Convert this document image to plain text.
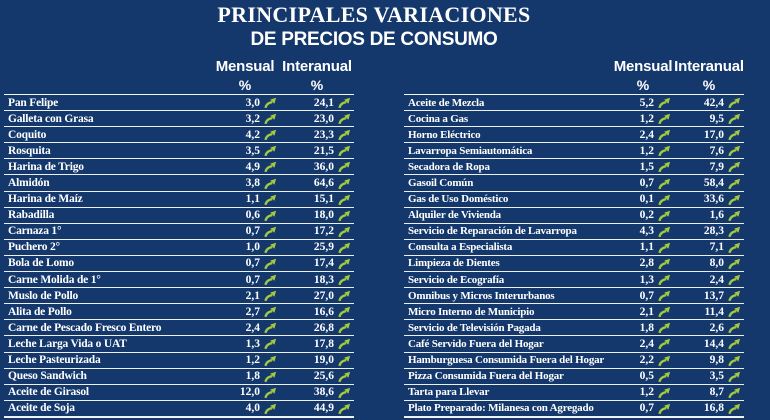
PRINCIPALES VARIACIONES
DE PRECIOS DE CONSUMO
Mensual
%
Interanual
%
Pan Felipe	3,0	24,1
Galleta con Grasa	3,2	23,0
Coquito	4,2	23,3
Rosquita	3,5	21,5
Harina de Trigo	4,9	36,0
Almidón	3,8	64,6
Harina de Maíz	1,1	15,1
Rabadilla	0,6	18,0
Carnaza 1°	0,7	17,2
Puchero 2°	1,0	25,9
Bola de Lomo	0,7	17,4
Carne Molida de 1°	0,7	18,3
Muslo de Pollo	2,1	27,0
Alita de Pollo	2,7	16,6
Carne de Pescado Fresco Entero	2,4	26,8
Leche Larga Vida o UAT	1,3	17,8
Leche Pasteurizada	1,2	19,0
Queso Sandwich	1,8	25,6
Aceite de Girasol	12,0	38,6
Aceite de Soja	4,0	44,9
Mensual
%
Interanual
%
Aceite de Mezcla	5,2	42,4
Cocina a Gas	1,2	9,5
Horno Eléctrico	2,4	17,0
Lavarropa Semiautomática	1,2	7,6
Secadora de Ropa	1,5	7,9
Gasoil Común	0,7	58,4
Gas de Uso Doméstico	0,1	33,6
Alquiler de Vivienda	0,2	1,6
Servicio de Reparación de Lavarropa	4,3	28,3
Consulta a Especialista	1,1	7,1
Limpieza de Dientes	2,8	8,0
Servicio de Ecografía	1,3	2,4
Omnibus y Micros Interurbanos	0,7	13,7
Micro Interno de Municipio	2,1	11,4
Servicio de Televisión Pagada	1,8	2,6
Café Servido Fuera del Hogar	2,4	14,4
Hamburguesa Consumida Fuera del Hogar	2,2	9,8
Pizza Consumida Fuera del Hogar	0,5	3,5
Tarta para Llevar	1,2	8,7
Plato Preparado: Milanesa con Agregado	0,7	16,8
